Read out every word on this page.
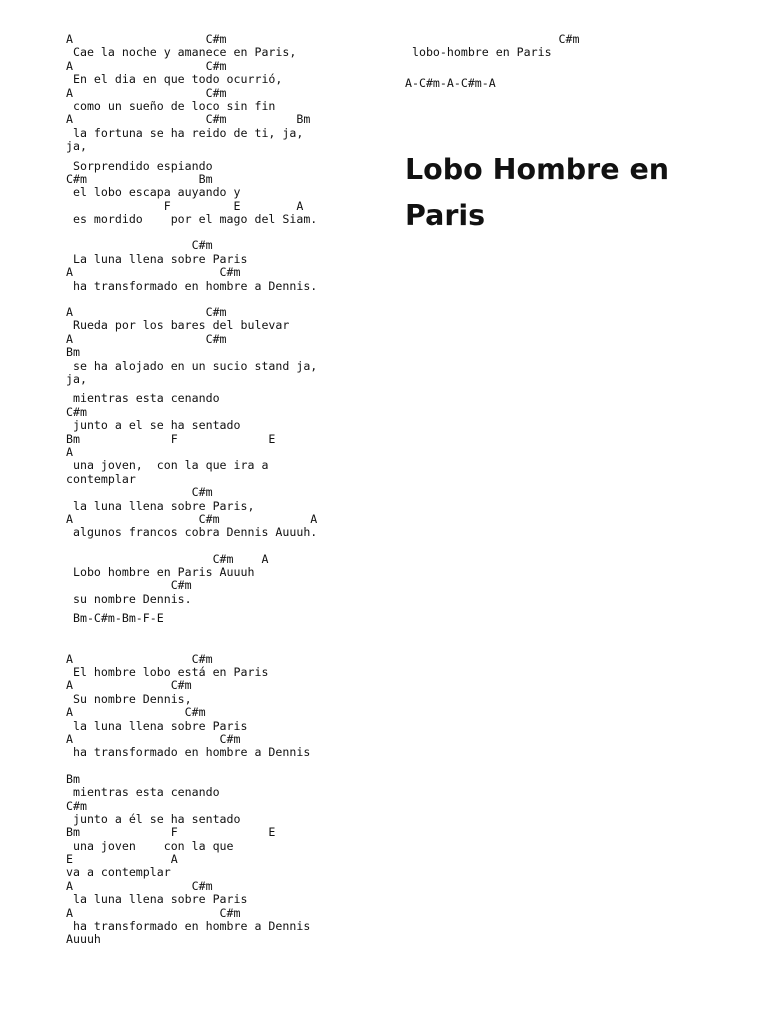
A                   C#m
Cae la noche y amanece en Paris,
A                   C#m
En el dia en que todo ocurrió,
A                   C#m
como un sueño de loco sin fin
A                   C#m          Bm
la fortuna se ha reido de ti, ja,
ja,
Sorprendido espiando
C#m                Bm
el lobo escapa auyando y
F         E        A
es mordido    por el mago del Siam.
C#m
La luna llena sobre Paris
A                     C#m
ha transformado en hombre a Dennis.
A                   C#m
Rueda por los bares del bulevar
A                   C#m
Bm
se ha alojado en un sucio stand ja,
ja,
mientras esta cenando
C#m
junto a el se ha sentado
Bm             F             E
A
una joven,  con la que ira a
contemplar
C#m
la luna llena sobre Paris,
A                  C#m             A
algunos francos cobra Dennis Auuuh.
C#m    A
Lobo hombre en Paris Auuuh
C#m
su nombre Dennis.
Bm-C#m-Bm-F-E
A                 C#m
El hombre lobo está en Paris
A              C#m
Su nombre Dennis,
A                C#m
la luna llena sobre Paris
A                     C#m
ha transformado en hombre a Dennis
Bm
mientras esta cenando
C#m
junto a él se ha sentado
Bm             F             E
una joven    con la que
E              A
va a contemplar
A                 C#m
la luna llena sobre Paris
A                     C#m
ha transformado en hombre a Dennis
Auuuh
C#m
lobo-hombre en Paris
A-C#m-A-C#m-A
Lobo Hombre en Paris
